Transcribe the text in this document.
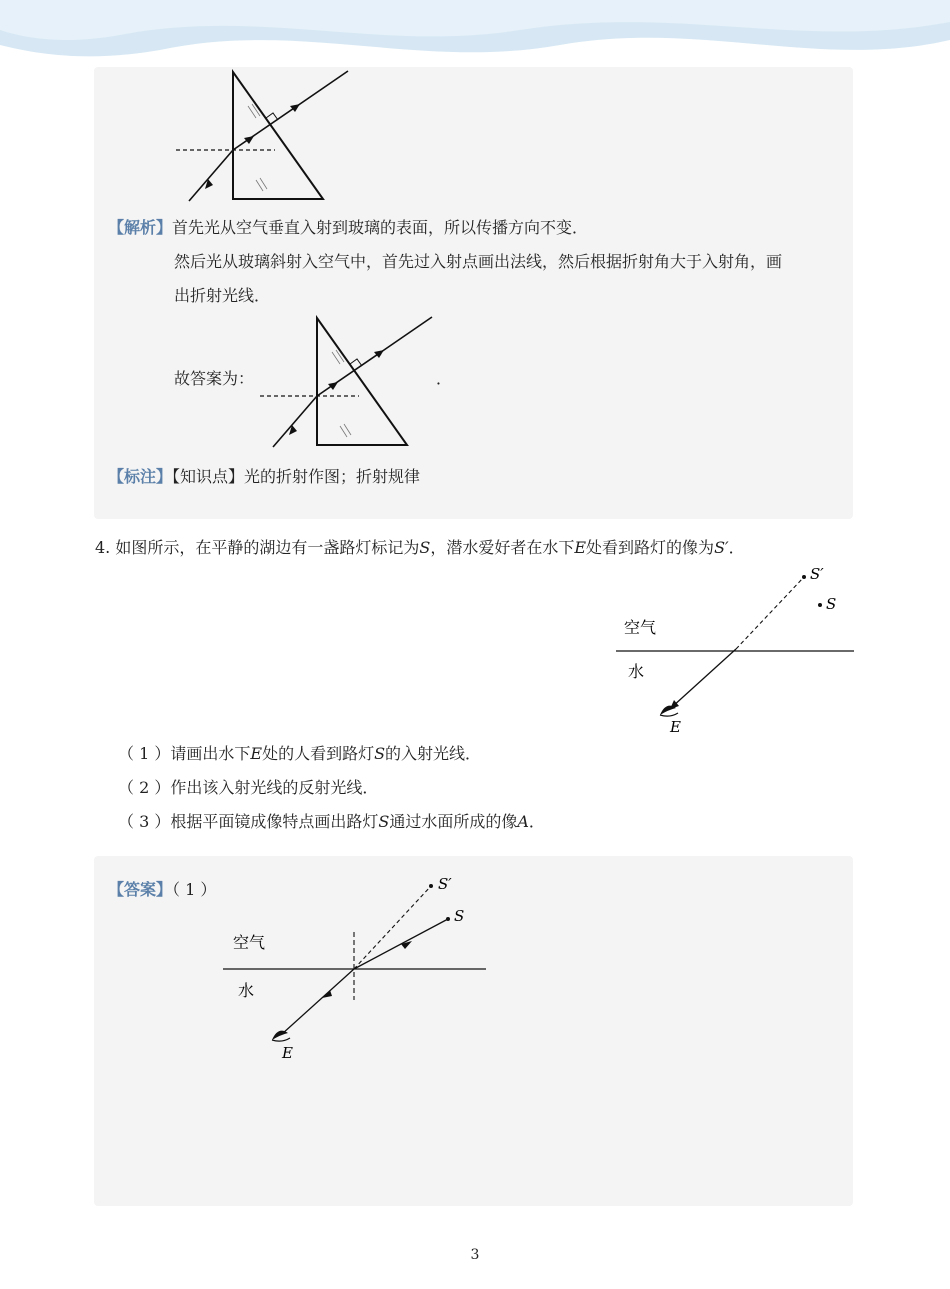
【解析】首先光从空气垂直入射到玻璃的表面，所以传播方向不变．
然后光从玻璃斜射入空气中，首先过入射点画出法线，然后根据折射角大于入射角，画
出折射光线．
故答案为：	．
【标注】【知识点】光的折射作图；折射规律
4. 如图所示，在平静的湖边有一盏路灯标记为S，潜水爱好者在水下E处看到路灯的像为S′．
S′
S
空气
水
E
（ 1 ）请画出水下E处的人看到路灯S的入射光线．
（ 2 ）作出该入射光线的反射光线．
（ 3 ）根据平面镜成像特点画出路灯S通过水面所成的像A．
【答案】（ 1 ）	S′
S
空气
水
E
3
